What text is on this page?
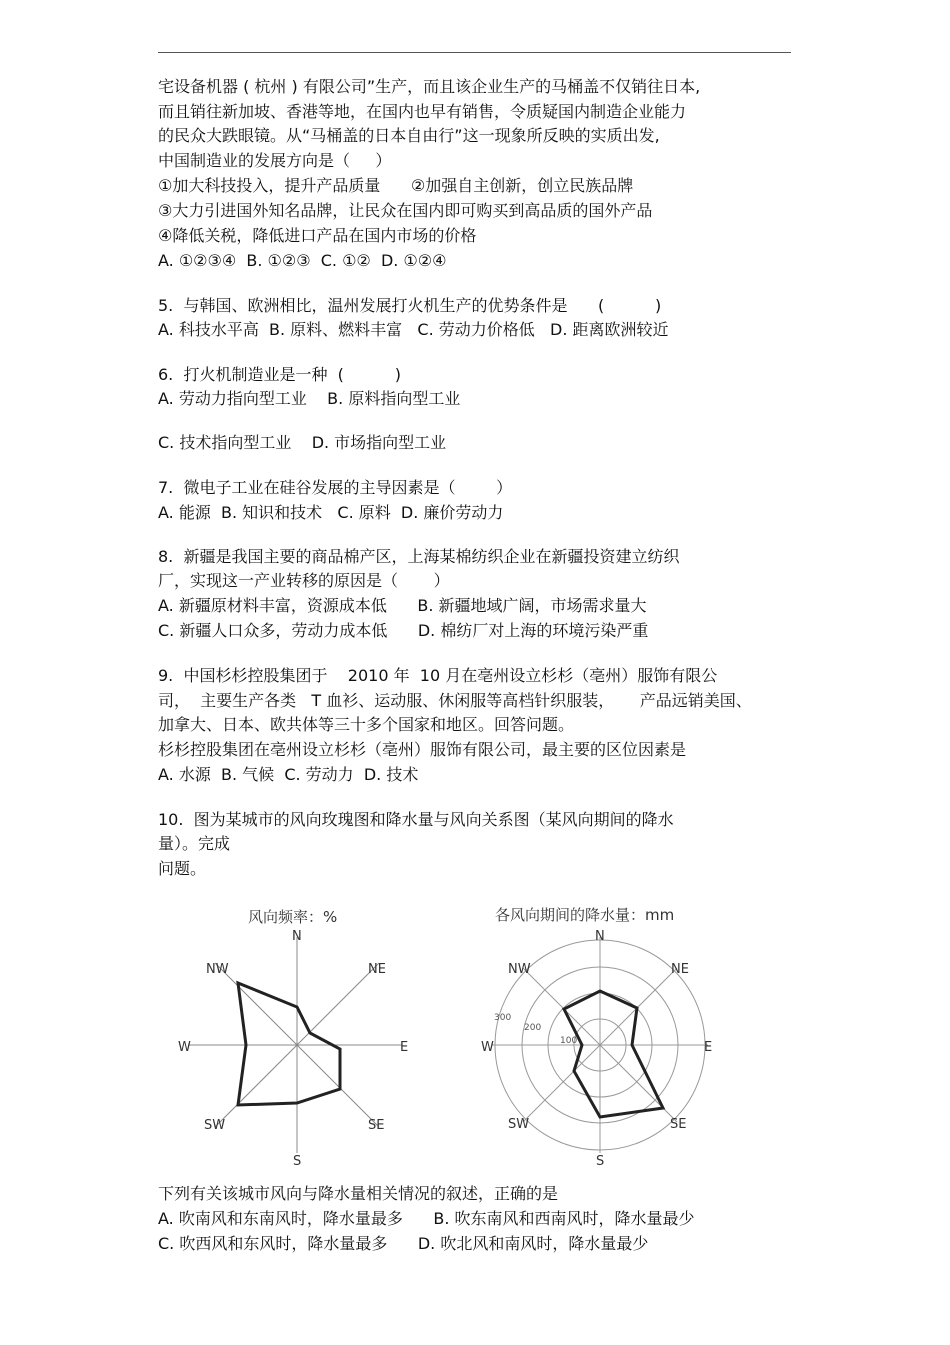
宅设备机器 ( 杭州 ) 有限公司”生产，而且该企业生产的马桶盖不仅销往日本,
而且销往新加坡、香港等地，在国内也早有销售，令质疑国内制造企业能力
的民众大跌眼镜。从“马桶盖的日本自由行”这一现象所反映的实质出发,
中国制造业的发展方向是（     ）
①加大科技投入，提升产品质量      ②加强自主创新，创立民族品牌
③大力引进国外知名品牌，让民众在国内即可购买到高品质的国外产品
④降低关税，降低进口产品在国内市场的价格
A. ①②③④  B. ①②③  C. ①②  D. ①②④
5.  与韩国、欧洲相比，温州发展打火机生产的优势条件是      (          )
A. 科技水平高  B. 原料、燃料丰富   C. 劳动力价格低   D. 距离欧洲较近
6.  打火机制造业是一种  (          )
A. 劳动力指向型工业    B. 原料指向型工业
C. 技术指向型工业    D. 市场指向型工业
7.  微电子工业在硅谷发展的主导因素是（        ）
A. 能源  B. 知识和技术   C. 原料  D. 廉价劳动力
8.  新疆是我国主要的商品棉产区，上海某棉纺织企业在新疆投资建立纺织
厂，实现这一产业转移的原因是（       ）
A. 新疆原材料丰富，资源成本低      B. 新疆地域广阔，市场需求量大
C. 新疆人口众多，劳动力成本低      D. 棉纺厂对上海的环境污染严重
9.  中国杉杉控股集团于    2010 年  10 月在亳州设立杉杉（亳州）服饰有限公
司，  主要生产各类   T 血衫、运动服、休闲服等高档针织服装，     产品远销美国、
加拿大、日本、欧共体等三十多个国家和地区。回答问题。
杉杉控股集团在亳州设立杉杉（亳州）服饰有限公司，最主要的区位因素是
A. 水源  B. 气候  C. 劳动力  D. 技术
10.  图为某城市的风向玫瑰图和降水量与风向关系图（某风向期间的降水
量）。完成
问题。
风向频率：%
N
NE
E
SE
S
SW
W
NW
各风向期间的降水量：mm
300
200
100
N
NE
E
SE
S
SW
W
NW
下列有关该城市风向与降水量相关情况的叙述，正确的是
A. 吹南风和东南风时，降水量最多      B. 吹东南风和西南风时，降水量最少
C. 吹西风和东风时，降水量最多      D. 吹北风和南风时，降水量最少
